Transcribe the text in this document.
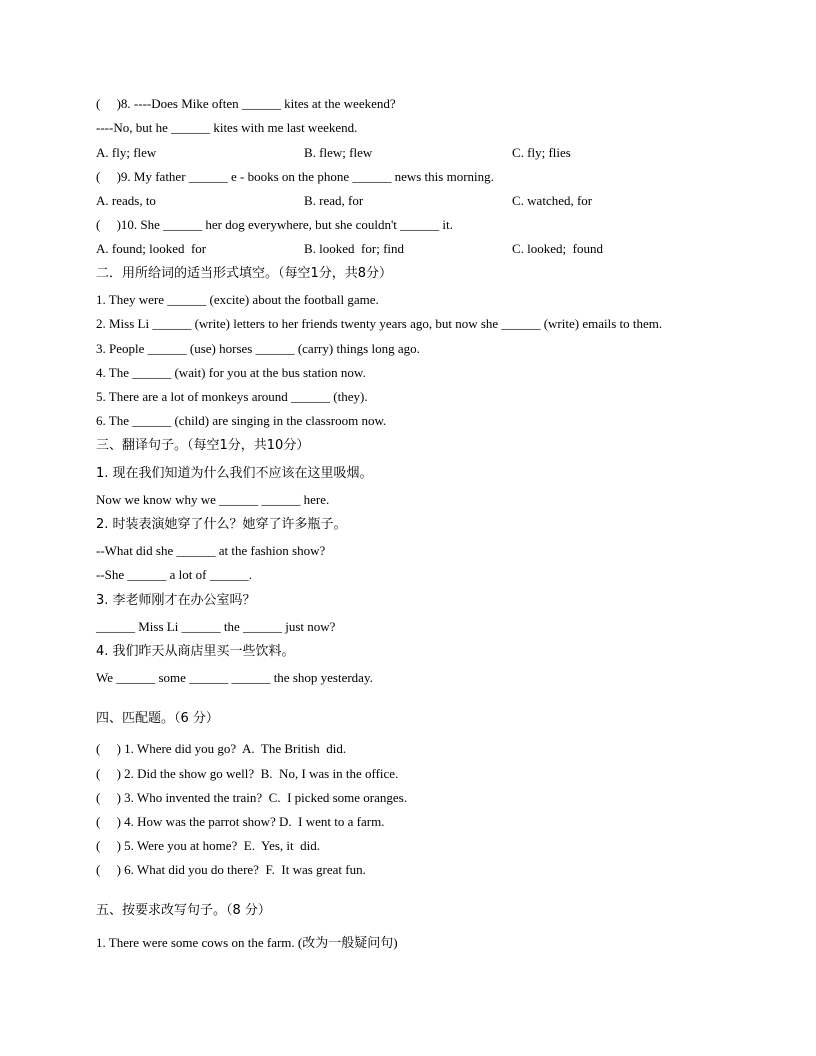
(     )8. ----Does Mike often ______ kites at the weekend?
----No, but he ______ kites with me last weekend.
A. fly; flew	B. flew; flew	C. fly; flies
(     )9. My father ______ e - books on the phone ______ news this morning.
A. reads, to	B. read, for	C. watched, for
(     )10. She ______ her dog everywhere, but she couldn't ______ it.
A. found; looked  for	B. looked  for; find	C. looked;  found
二．用所给词的适当形式填空。（每空1分，共8分）
1. They were ______ (excite) about the football game.
2. Miss Li ______ (write) letters to her friends twenty years ago, but now she ______ (write) emails to them.
3. People ______ (use) horses ______ (carry) things long ago.
4. The ______ (wait) for you at the bus station now.
5. There are a lot of monkeys around ______ (they).
6. The ______ (child) are singing in the classroom now.
三、翻译句子。（每空1分，共10分）
1. 现在我们知道为什么我们不应该在这里吸烟。
Now we know why we ______ ______ here.
2. 时装表演她穿了什么？她穿了许多瓶子。
--What did she ______ at the fashion show?
--She ______ a lot of ______.
3. 李老师刚才在办公室吗？
______ Miss Li ______ the ______ just now?
4. 我们昨天从商店里买一些饮料。
We ______ some ______ ______ the shop yesterday.
四、匹配题。（6 分）
(     ) 1. Where did you go?  A.  The British  did.
(     ) 2. Did the show go well?  B.  No, I was in the office.
(     ) 3. Who invented the train?  C.  I picked some oranges.
(     ) 4. How was the parrot show? D.  I went to a farm.
(     ) 5. Were you at home?  E.  Yes, it  did.
(     ) 6. What did you do there?  F.  It was great fun.
五、按要求改写句子。（8 分）
1. There were some cows on the farm. (改为一般疑问句)
